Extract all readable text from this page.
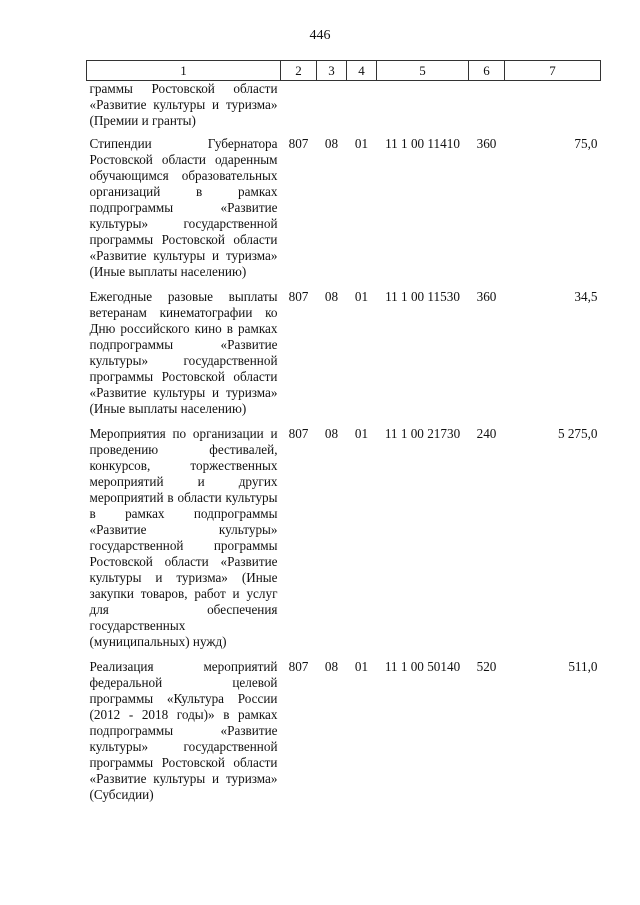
446
1	2	3	4	5	6	7
граммы Ростовской области «Развитие культуры и туризма» (Премии и гранты)						
Стипендии Губернатора Ростовской области одаренным обучающимся образовательных организаций в рамках подпрограммы «Развитие культуры» государственной программы Ростовской области «Развитие культуры и туризма» (Иные выплаты населению)	807	08	01	11 1 00 11410	360	75,0
Ежегодные разовые выплаты ветеранам кинематографии ко Дню российского кино в рамках подпрограммы «Развитие культуры» государственной программы Ростовской области «Развитие культуры и туризма» (Иные выплаты населению)	807	08	01	11 1 00 11530	360	34,5
Мероприятия по организации и проведению фестивалей, конкурсов, торжественных мероприятий и других мероприятий в области культуры в рамках подпрограммы «Развитие культуры» государственной программы Ростовской области «Развитие культуры и туризма» (Иные закупки товаров, работ и услуг для обеспечения государственных (муниципальных) нужд)	807	08	01	11 1 00 21730	240	5 275,0
Реализация мероприятий федеральной целевой программы «Культура России (2012 - 2018 годы)» в рамках подпрограммы «Развитие культуры» государственной программы Ростовской области «Развитие культуры и туризма» (Субсидии)	807	08	01	11 1 00 50140	520	511,0
